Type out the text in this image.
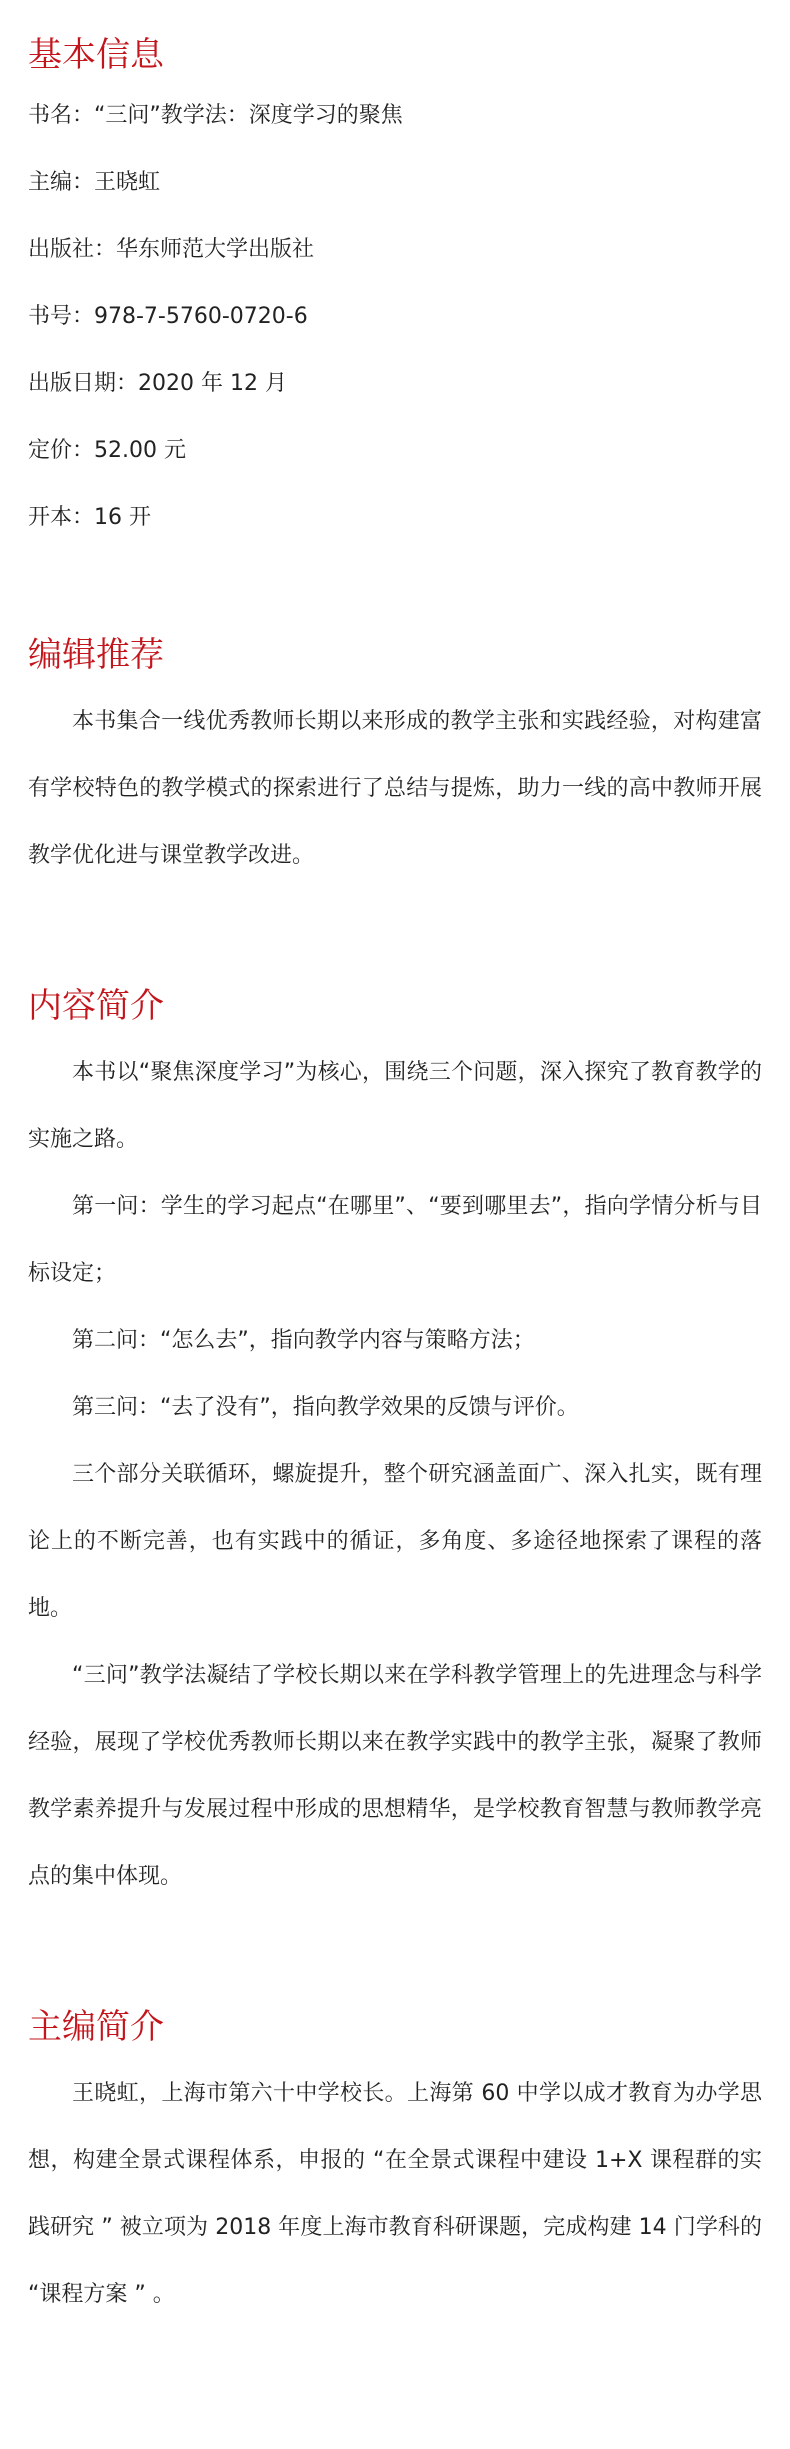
基本信息

书名：“三问”教学法：深度学习的聚焦

主编：王晓虹

出版社：华东师范大学出版社

书号：978-7-5760-0720-6

出版日期：2020 年 12 月

定价：52.00 元

开本：16 开

编辑推荐

本书集合一线优秀教师长期以来形成的教学主张和实践经验，对构建富有学校特色的教学模式的探索进行了总结与提炼，助力一线的高中教师开展教学优化进与课堂教学改进。

内容简介

本书以“聚焦深度学习”为核心，围绕三个问题，深入探究了教育教学的实施之路。

第一问：学生的学习起点“在哪里”、“要到哪里去”，指向学情分析与目标设定；

第二问：“怎么去”，指向教学内容与策略方法；

第三问：“去了没有”，指向教学效果的反馈与评价。

三个部分关联循环，螺旋提升，整个研究涵盖面广、深入扎实，既有理论上的不断完善，也有实践中的循证，多角度、多途径地探索了课程的落地。

“三问”教学法凝结了学校长期以来在学科教学管理上的先进理念与科学经验，展现了学校优秀教师长期以来在教学实践中的教学主张，凝聚了教师教学素养提升与发展过程中形成的思想精华，是学校教育智慧与教师教学亮点的集中体现。

主编简介

王晓虹，上海市第六十中学校长。上海第 60 中学以成才教育为办学思想，构建全景式课程体系，申报的 “在全景式课程中建设 1+X 课程群的实践研究 ” 被立项为 2018 年度上海市教育科研课题，完成构建 14 门学科的 “课程方案 ” 。
